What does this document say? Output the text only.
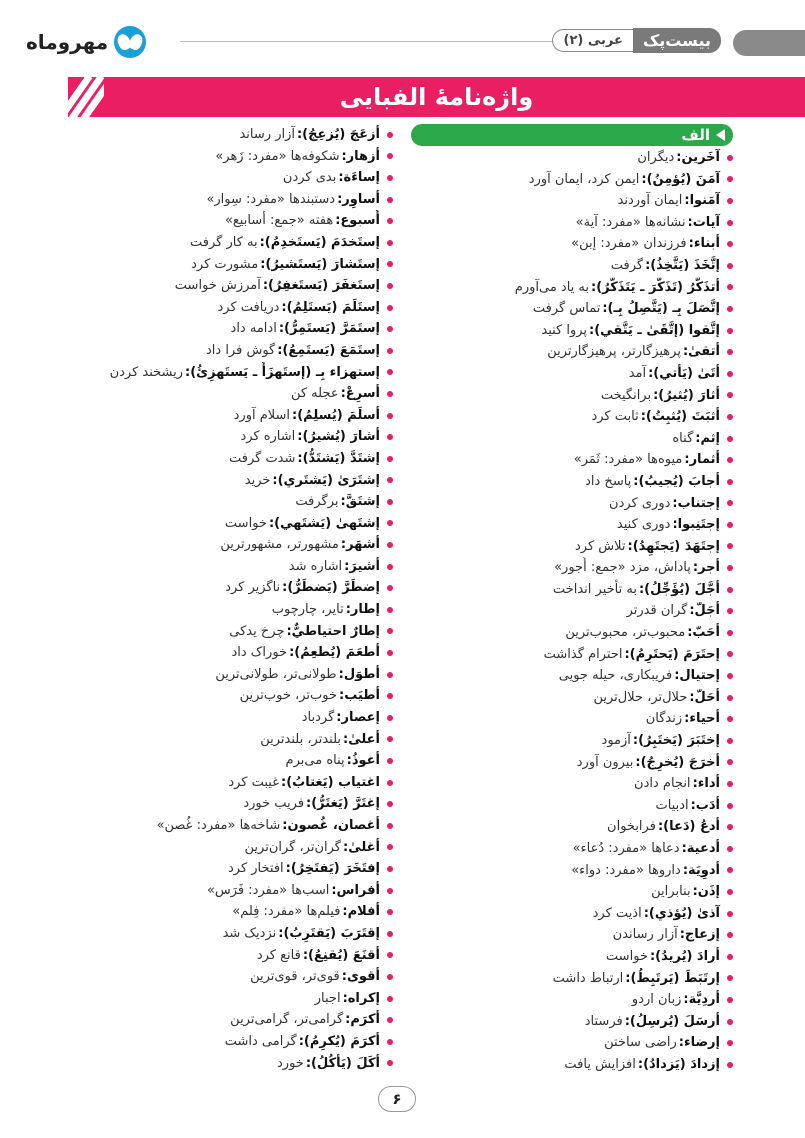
مهروماه	بیست‌پک
عربی (۲)
واژه‌نامهٔ الفبایی
الف
آخَرین:
دیگران
آمَنَ (یُؤمِنُ):
ایمن کرد، ایمان آورد
آمَنوا:
ایمان آوردند
آیات:
نشانه‌ها «مفرد: آیة»
أبناء:
فرزندان «مفرد: إبن»
إتَّخَذَ (یَتَّخِذُ):
گرفت
أتذَکَّرُ (تَذَکَّرَ ـ یَتَذَکَّرُ):
به یاد می‌آورم
إتَّصَلَ بِـ (یَتَّصِلُ بِـ):
تماس گرفت
إتَّقوا (إتَّقَیٰ ـ یَتَّقي):
پروا کنید
أتقیٰ:
پرهیزگارتر، پرهیزگارترین
أتَیٰ (یَأتي):
آمد
أثارَ (یُثیرُ):
برانگیخت
أثبَتَ (یُثبِتُ):
ثابت کرد
إثم:
گناه
أثمار:
میوه‌ها «مفرد: ثَمَر»
أجابَ (یُجیبُ):
پاسخ داد
إجتناب:
دوری کردن
إجتَنِبوا:
دوری کنید
إجتَهَدَ (یَجتَهِدُ):
تلاش کرد
أجر:
پاداش، مزد «جمع: أُجور»
أجَّلَ (یُؤَجِّلُ):
به تأخیر انداخت
أجَلّ:
گران قدرتر
أحَبّ:
محبوب‌تر، محبوب‌ترین
إحتَرَمَ (یَحتَرِمُ):
احترام گذاشت
إحتیال:
فریبکاری، حیله جویی
أحَلّ:
حلال‌تر، حلال‌ترین
أحیاء:
زندگان
إختَبَرَ (یَختَبِرُ):
آزمود
أخرَجَ (یُخرِجُ):
بیرون آورد
أداء:
انجام دادن
أدَب:
ادبیات
أدعُ (دَعا):
فرابخوان
أدعیة:
دعاها «مفرد: دُعاء»
أدوِیَة:
داروها «مفرد: دواء»
إذَن:
بنابراین
آذیٰ (یُؤذي):
اذیت کرد
إزعاج:
آزار رساندن
أرادَ (یُریدُ):
خواست
إرتَبَطَ (یَرتَبِطُ):
ارتباط داشت
أردِیَّة:
زبان اردو
أرسَلَ (یُرسِلُ):
فرستاد
إرضاء:
راضی ساختن
إزدادَ (یَزدادُ):
افزایش یافت
أزعَجَ (یُزعِجُ):
آزار رساند
أزهار:
شکوفه‌ها «مفرد: زَهر»
إساءَة:
بدی کردن
أساوِر:
دستبندها «مفرد: سِوار»
أُسبوع:
هفته «جمع: أسابیع»
إستَخدَمَ (یَستَخدِمُ):
به کار گرفت
إستَشارَ (یَستَشیرُ):
مشورت کرد
إستَغفَرَ (یَستَغفِرُ):
آمرزش خواست
إستَلَمَ (یَستَلِمُ):
دریافت کرد
إستَمَرَّ (یَستَمِرُّ):
ادامه داد
إستَمَعَ (یَستَمِعُ):
گوش فرا داد
إستهزاء بِـ (إستَهزَأَ ـ یَستَهزِئُ):
ریشخند کردن
أسرِعْ:
عجله کن
أسلَمَ (یُسلِمُ):
اسلام آورد
أشارَ (یُشیرُ):
اشاره کرد
إشتَدَّ (یَشتَدُّ):
شدت گرفت
إشتَرَیٰ (یَشتَري):
خرید
إشتَقَّ:
برگرفت
إشتَهیٰ (یَشتَهي):
خواست
أشهَر:
مشهورتر، مشهورترین
أشیرَ:
اشاره شد
إضطَرَّ (یَضطَرُّ):
ناگزیر کرد
إطار:
تایر، چارچوب
إطارٌ احتیاطيٌّ:
چرخ یدکی
أطعَمَ (یُطعِمُ):
خوراک داد
أطوَل:
طولانی‌تر، طولانی‌ترین
أطیَب:
خوب‌تر، خوب‌ترین
إعصار:
گردباد
أعلیٰ:
بلندتر، بلندترین
أعوذُ:
پناه می‌برم
اغتیاب (یَغتابُ):
غیبت کرد
إغتَرَّ (یَغتَرُّ):
فریب خورد
أغصان، غُصون:
شاخه‌ها «مفرد: غُصن»
أغلیٰ:
گران‌تر، گران‌ترین
إفتَخَرَ (یَفتَخِرُ):
افتخار کرد
أفراس:
اسب‌ها «مفرد: فَرَس»
أفلام:
فیلم‌ها «مفرد: فِلم»
إقتَرَبَ (یَقتَرِبُ):
نزدیک شد
أقنَعَ (یُقنِعُ):
قانع کرد
أقوی:
قوی‌تر، قوی‌ترین
إکراه:
اجبار
أکرَم:
گرامی‌تر، گرامی‌ترین
أکرَمَ (یُکرِمُ):
گرامی داشت
أکَلَ (یَأکُلُ):
خورد
۶
